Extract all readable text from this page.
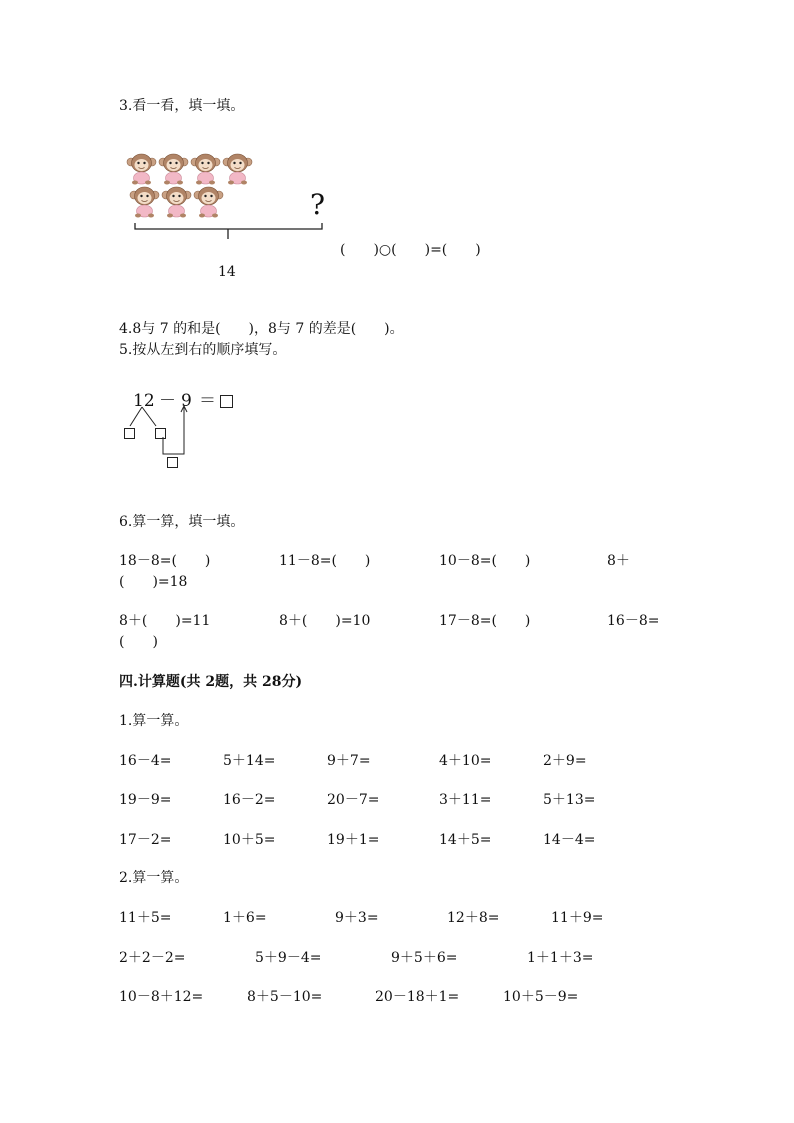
3.看一看，填一填。
?
14
(　　)○(　　)=(　　)
4.8与 7 的和是(　　)，8与 7 的差是(　　)。
5.按从左到右的顺序填写。
12 － 9 ＝
6.算一算，填一填。
18－8=(　　)	11－8=(　　)	10－8=(　　)	8＋
(　　)=18
8＋(　　)=11	8＋(　　)=10	17－8=(　　)	16－8=
(　　)
四.计算题(共 2题，共 28分)
1.算一算。
16－4=	5＋14=	9＋7=	4＋10=	2＋9=
19－9=	16－2=	20－7=	3＋11=	5＋13=
17－2=	10＋5=	19＋1=	14＋5=	14－4=
2.算一算。
11＋5=	1＋6=	9＋3=	12＋8=	11＋9=
2＋2－2=	5＋9－4=	9＋5＋6=	1＋1＋3=
10－8＋12=	8＋5－10=	20－18＋1=	10＋5－9=
